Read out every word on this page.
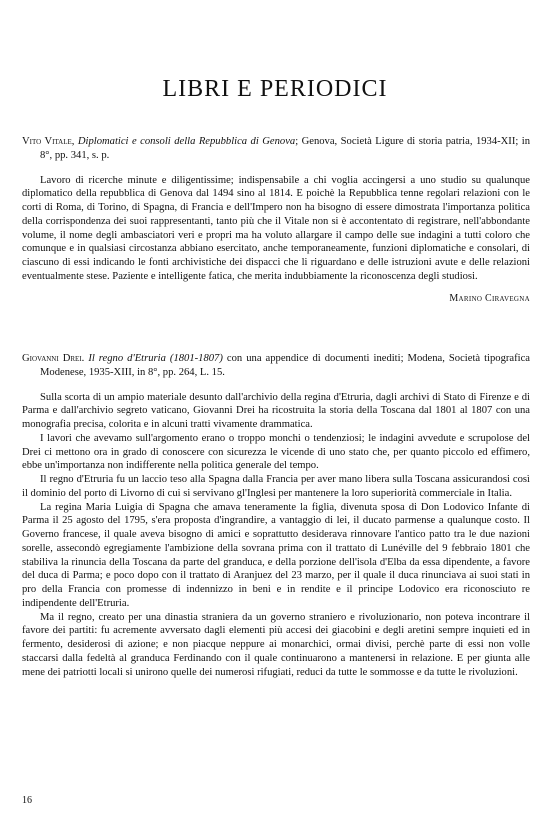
LIBRI E PERIODICI
Vito Vitale, Diplomatici e consoli della Repubblica di Genova; Genova, Società Ligure di storia patria, 1934-XII; in 8°, pp. 341, s. p.

Lavoro di ricerche minute e diligentissime; indispensabile a chi voglia accingersi a uno studio su qualunque diplomatico della repubblica di Genova dal 1494 sino al 1814. E poichè la Repubblica tenne regolari relazioni con le corti di Roma, di Torino, di Spagna, di Francia e dell'Impero non ha bisogno di essere dimostrata l'importanza politica della corrispondenza dei suoi rappresentanti, tanto più che il Vitale non si è accontentato di registrare, nell'abbondante volume, il nome degli ambasciatori veri e propri ma ha voluto allargare il campo delle sue indagini a tutti coloro che comunque e in qualsiasi circostanza abbiano esercitato, anche temporaneamente, funzioni diplomatiche e consolari, di ciascuno di essi indicando le fonti archivistiche dei dispacci che li riguardano e delle istruzioni avute e delle relazioni eventualmente stese. Paziente e intelligente fatica, che merita indubbiamente la riconoscenza degli studiosi.

Marino Ciravegna
Giovanni Drei. Il regno d'Etruria (1801-1807) con una appendice di documenti inediti; Modena, Società tipografica Modenese, 1935-XIII, in 8°, pp. 264, L. 15.

Sulla scorta di un ampio materiale desunto dall'archivio della regina d'Etruria, dagli archivi di Stato di Firenze e di Parma e dall'archivio segreto vaticano, Giovanni Drei ha ricostruita la storia della Toscana dal 1801 al 1807 con una monografia precisa, colorita e in alcuni tratti vivamente drammatica.

I lavori che avevamo sull'argomento erano o troppo monchi o tendenziosi; le indagini avvedute e scrupolose del Drei ci mettono ora in grado di conoscere con sicurezza le vicende di uno stato che, per quanto piccolo ed effimero, ebbe un'importanza non indifferente nella politica generale del tempo.

Il regno d'Etruria fu un laccio teso alla Spagna dalla Francia per aver mano libera sulla Toscana assicurandosi così il dominio del porto di Livorno di cui si servivano gl'Inglesi per mantenere la loro superiorità commerciale in Italia.

La regina Maria Luigia di Spagna che amava teneramente la figlia, divenuta sposa di Don Lodovico Infante di Parma il 25 agosto del 1795, s'era proposta d'ingrandire, a vantaggio di lei, il ducato parmense a qualunque costo. Il Governo francese, il quale aveva bisogno di amici e soprattutto desiderava rinnovare l'antico patto tra le due nazioni sorelle, assecondò egregiamente l'ambizione della sovrana prima con il trattato di Lunéville del 9 febbraio 1801 che stabiliva la rinuncia della Toscana da parte del granduca, e della porzione dell'isola d'Elba da essa dipendente, a favore del duca di Parma; e poco dopo con il trattato di Aranjuez del 23 marzo, per il quale il duca rinunciava ai suoi stati in pro della Francia con promesse di indennizzo in beni e in rendite e il principe Lodovico era riconosciuto re indipendente dell'Etruria.

Ma il regno, creato per una dinastia straniera da un governo straniero e rivoluzionario, non poteva incontrare il favore dei partiti: fu acremente avversato dagli elementi più accesi dei giacobini e degli aretini sempre inquieti ed in fermento, desiderosi di azione; e non piacque neppure ai monarchici, ormai divisi, perchè parte di essi non volle staccarsi dalla fedeltà al granduca Ferdinando con il quale continuarono a mantenersi in relazione. E per giunta alle mene dei patriotti locali si unirono quelle dei numerosi rifugiati, reduci da tutte le sommosse e da tutte le rivoluzioni.

16
